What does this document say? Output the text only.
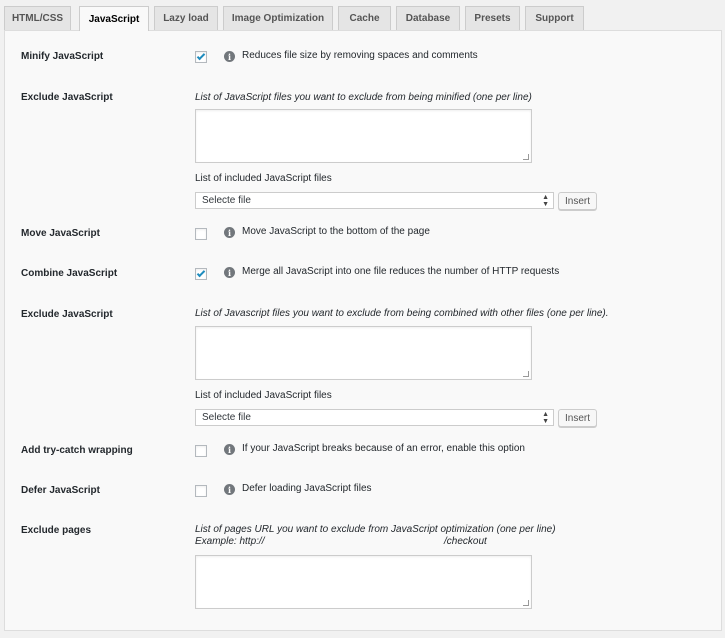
HTML/CSS	JavaScript Lazy load Image Optimization	Cache	Database Presets Support
Minify JavaScript	i	Reduces file size by removing spaces and comments
Exclude JavaScript	List of JavaScript files you want to exclude from being minified (one per line)
List of included JavaScript files
Selecte file	▲
▼	Insert
Move JavaScript	i	Move JavaScript to the bottom of the page
Combine JavaScript	i	Merge all JavaScript into one file reduces the number of HTTP requests
Exclude JavaScript	List of Javascript files you want to exclude from being combined with other files (one per line).
List of included JavaScript files
Selecte file	▲
▼	Insert
Add try-catch wrapping	i	If your JavaScript breaks because of an error, enable this option
Defer JavaScript	i	Defer loading JavaScript files
Exclude pages	List of pages URL you want to exclude from JavaScript optimization (one per line)
Example: http://	/checkout
